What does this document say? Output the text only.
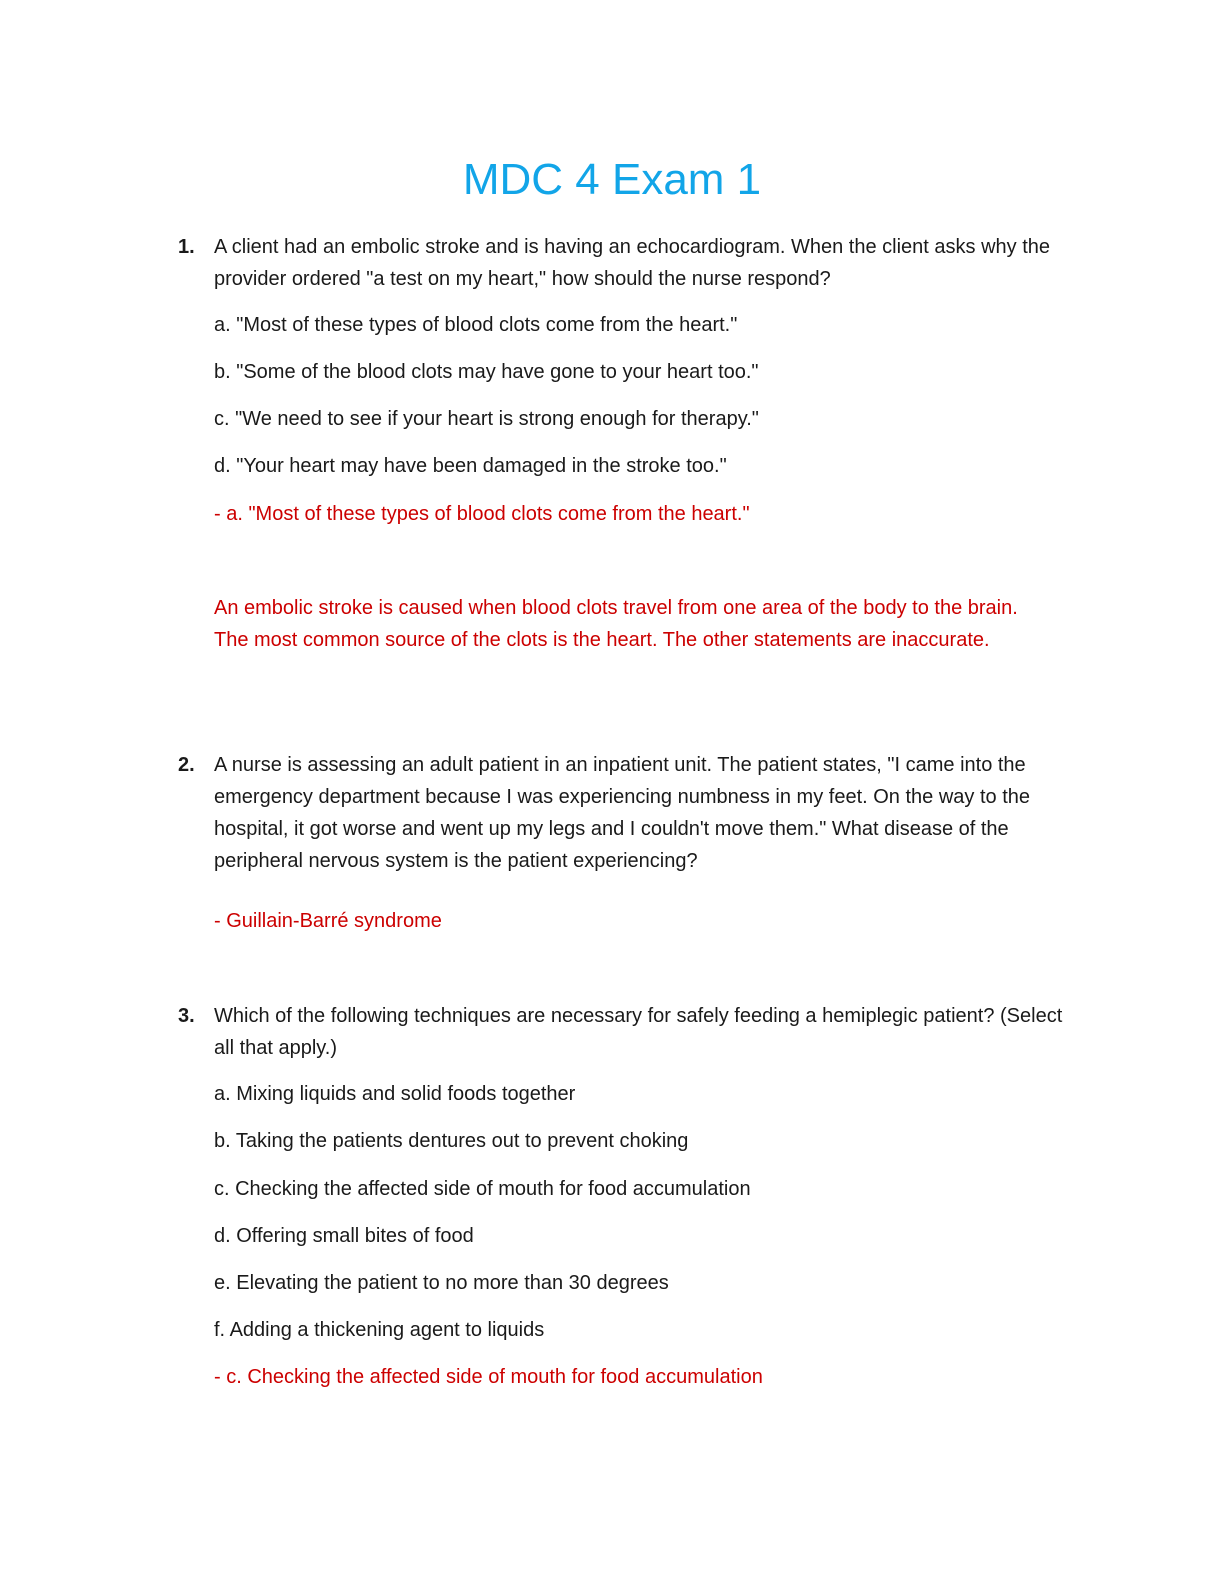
MDC 4 Exam 1
1. A client had an embolic stroke and is having an echocardiogram. When the client asks why the provider ordered "a test on my heart," how should the nurse respond?
a. "Most of these types of blood clots come from the heart."
b. "Some of the blood clots may have gone to your heart too."
c. "We need to see if your heart is strong enough for therapy."
d. "Your heart may have been damaged in the stroke too."
- a. "Most of these types of blood clots come from the heart."
An embolic stroke is caused when blood clots travel from one area of the body to the brain. The most common source of the clots is the heart. The other statements are inaccurate.
2. A nurse is assessing an adult patient in an inpatient unit. The patient states, "I came into the emergency department because I was experiencing numbness in my feet. On the way to the hospital, it got worse and went up my legs and I couldn't move them." What disease of the peripheral nervous system is the patient experiencing?
- Guillain-Barré syndrome
3. Which of the following techniques are necessary for safely feeding a hemiplegic patient? (Select all that apply.)
a. Mixing liquids and solid foods together
b. Taking the patients dentures out to prevent choking
c. Checking the affected side of mouth for food accumulation
d. Offering small bites of food
e. Elevating the patient to no more than 30 degrees
f. Adding a thickening agent to liquids
- c. Checking the affected side of mouth for food accumulation
